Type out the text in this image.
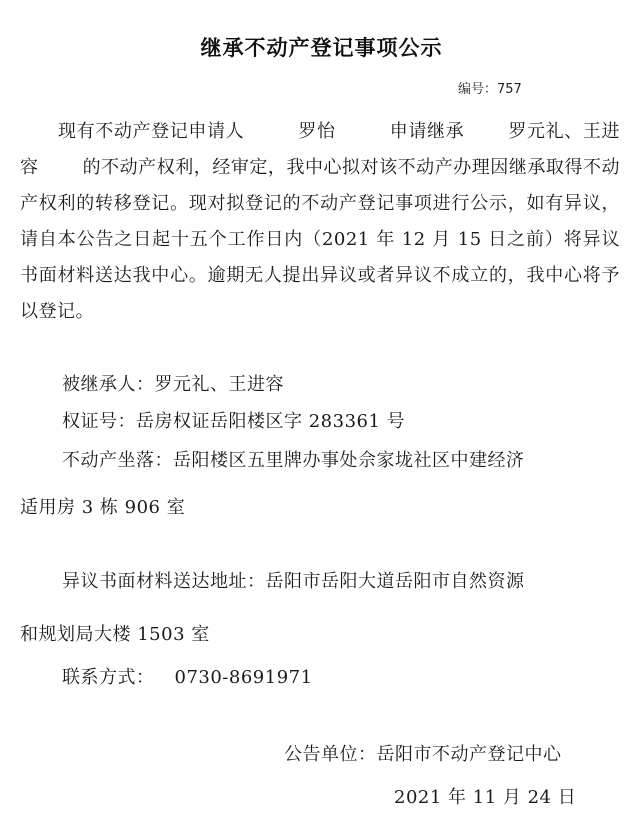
继承不动产登记事项公示
编号：757
现有不动产登记申请人	罗怡	申请继承 罗元礼、王进容 的不动产权利，经审定，我中心拟对该不动产办理因继承取得不动产权利的转移登记。现对拟登记的不动产登记事项进行公示，如有异议，请自本公告之日起十五个工作日内（2021 年 12 月 15 日之前）将异议书面材料送达我中心。逾期无人提出异议或者异议不成立的，我中心将予以登记。
被继承人：罗元礼、王进容
权证号：岳房权证岳阳楼区字 283361 号
不动产坐落：岳阳楼区五里牌办事处佘家垅社区中建经济
适用房 3 栋 906 室
异议书面材料送达地址：岳阳市岳阳大道岳阳市自然资源
和规划局大楼 1503 室
联系方式： 0730-8691971
公告单位：岳阳市不动产登记中心
2021 年 11 月 24 日
